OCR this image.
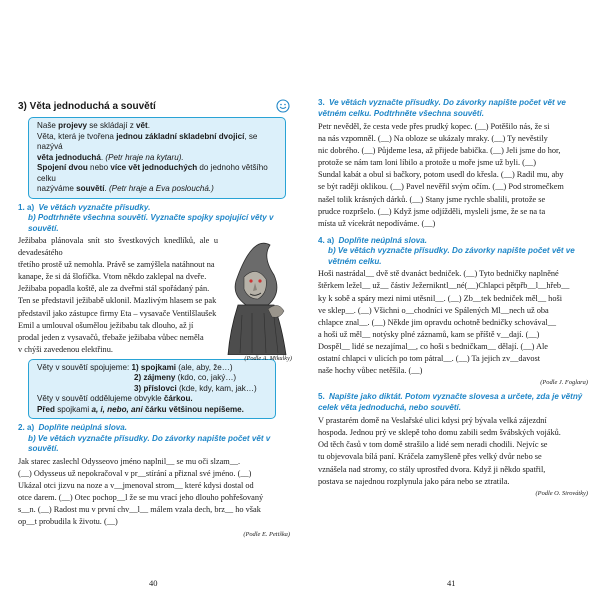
3) Věta jednoduchá a souvětí
Naše projevy se skládají z vět.
Věta, která je tvořena jednou základní skladební dvojicí, se nazývá
věta jednoduchá. (Petr hraje na kytaru).
Spojení dvou nebo více vět jednoduchých do jednoho většího celku
nazýváme souvětí. (Petr hraje a Eva poslouchá.)
1. a) Ve větách vyznačte přísudky.
b) Podtrhněte všechna souvětí. Vyznačte spojky spojující věty v souvětí.
Ježibaba plánovala snít sto švestkových knedlíků, ale u devadesátého
třetího prostě už nemohla. Právě se zamýšlela natáhnout na
kanape, že si dá šlofíčka. Vtom někdo zaklepal na dveře.
Ježibaba popadla koště, ale za dveřmi stál spořádaný pán.
Ten se představil ježibabě uklonil. Mazlivým hlasem se pak
představil jako zástupce firmy Eta – vysavače Ventilšlaušek
Emil a umlouval ošumělou ježibabu tak dlouho, až jí
prodal jeden z vysavačů, třebaže ježibaba vůbec neměla
v chýši zavedenou elektřinu.
(Podle A. Mikulky)
Věty v souvětí spojujeme: 1) spojkami (ale, aby, že…)
2) zájmeny (kdo, co, jaký…)
3) příslovci (kde, kdy, kam, jak…)
Věty v souvětí oddělujeme obvykle čárkou.
Před spojkami a, i, nebo, ani čárku většinou nepíšeme.
2. a) Doplňte neúplná slova.
b) Ve větách vyznačte přísudky. Do závorky napište počet vět v souvětí.
Jak starec zaslechl Odysseovo jméno naplnil__ se mu oči slzam__.
(__) Odysseus už nepokračoval v pr__stírání a přiznal své jméno. (__)
Ukázal otci jizvu na noze a v__jmenoval strom__ které kdysi dostal od
otce darem. (__) Otec pochop__l že se mu vrací jeho dlouho pohřešovaný
s__n. (__) Radost mu v první chv__l__ málem vzala dech, brz__ ho však
op__t probudila k životu. (__)
(Podle E. Petiška)
40
3. Ve větách vyznačte přísudky. Do závorky napište počet vět ve větném celku. Podtrhněte všechna souvětí.
Petr nevěděl, že cesta vede přes prudký kopec. (__) Potěšilo nás, že si
na nás vzpomněl. (__) Na obloze se ukázaly mraky. (__) Ty nevěstily
nic dobrého. (__) Půjdeme lesa, až přijede babička. (__) Jeli jsme do hor,
protože se nám tam loni líbilo a protože u moře jsme už byli. (__)
Sundal kabát a obul si bačkory, potom usedl do křesla. (__) Radil mu, aby
se být raději oklikou. (__) Pavel nevěřil svým očím. (__) Pod stromečkem
našel tolik krásných dárků. (__) Stany jsme rychle sbalili, protože se
prudce rozpršelo. (__) Když jsme odjížděli, mysleli jsme, že se na ta
místa už vícekrát nepodíváme. (__)
4. a) Doplňte neúplná slova.
b) Ve větách vyznačte přísudky. Do závorky napište počet vět ve větném celku.
Hoši nastrádal__ dvě stě dvanáct bedniček. (__) Tyto bedničky naplněné
štěrkem ležel__ už__ částiv Ježernikntl__né(__)Chlapci pětpřb__l__hřeb__
ky k sobě a spáry mezi nimi utěsnil__. (__) Zb__tek bedniček měl__ hoši
ve sklep__. (__) Všichni o__chodníci ve Spálených Ml__nech už oba
chlapce znal__. (__) Někde jim opravdu ochotně bedničky schovával__
a hoši už měl__ notýsky plné záznamů, kam se příště v__dají. (__)
Dospěl__ lidé se nezajímal__, co hoši s bedničkam__ dělají. (__) Ale
ostatní chlapci v ulicích po tom pátral__. (__) Ta jejich zv__davost
naše hochy vůbec netěšila. (__)
(Podle J. Foglara)
5. Napište jako diktát. Potom vyznačte slovesa a určete, zda je větný celek věta jednoduchá, nebo souvětí.
V prastarém domě na Veslařské ulici kdysi prý bývala velká zájezdní
hospoda. Jednou prý ve sklepě toho domu zabili sedm švábských vojáků.
Od těch časů v tom domě strašilo a lidé sem neradi chodili. Nejvíc se
tu objevovala bílá paní. Kráčela zamyšleně přes velký dvůr nebo se
vznášela nad stromy, co stály uprostřed dvora. Když ji někdo spatřil,
postava se najednou rozplynula jako pára nebo se ztratila.
(Podle O. Sirovátky)
41
